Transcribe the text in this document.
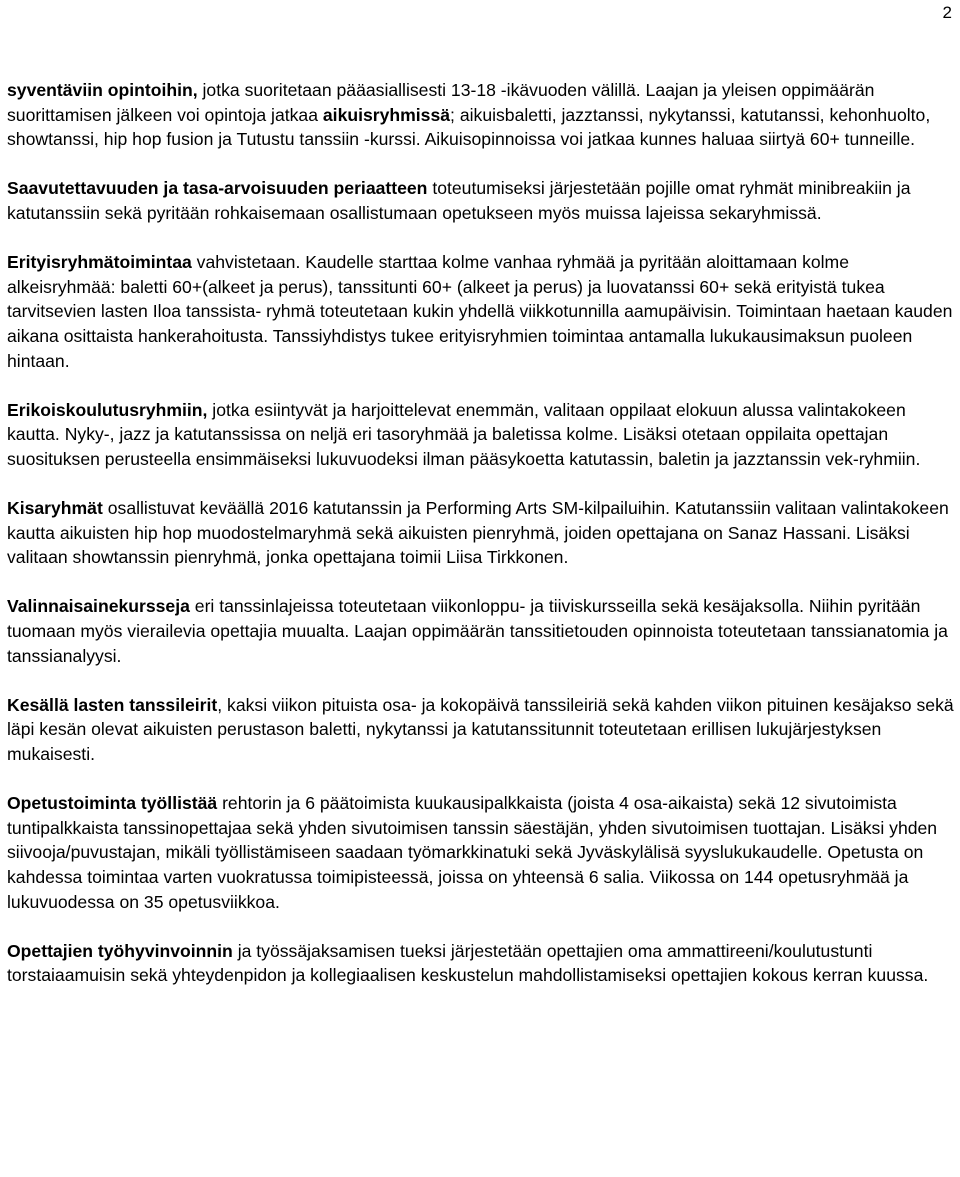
2

syventäviin opintoihin, jotka suoritetaan pääasiallisesti 13-18 -ikävuoden välillä. Laajan ja yleisen oppimäärän suorittamisen jälkeen voi opintoja jatkaa aikuisryhmissä; aikuisbaletti, jazztanssi, nykytanssi, katutanssi, kehonhuolto, showtanssi, hip hop fusion ja Tutustu tanssiin -kurssi. Aikuisopinnoissa voi jatkaa kunnes haluaa siirtyä 60+ tunneille.

Saavutettavuuden ja tasa-arvoisuuden periaatteen toteutumiseksi järjestetään pojille omat ryhmät minibreakiin ja katutanssiin sekä pyritään rohkaisemaan osallistumaan opetukseen myös muissa lajeissa sekaryhmissä.

Erityisryhmätoimintaa vahvistetaan. Kaudelle starttaa kolme vanhaa ryhmää ja pyritään aloittamaan kolme alkeisryhmää: baletti 60+(alkeet ja perus), tanssitunti 60+ (alkeet ja perus) ja luovatanssi 60+ sekä erityistä tukea tarvitsevien lasten Iloa tanssista- ryhmä toteutetaan kukin yhdellä viikkotunnilla aamupäivisin. Toimintaan haetaan kauden aikana osittaista hankerahoitusta. Tanssiyhdistys tukee erityisryhmien toimintaa antamalla lukukausimaksun puoleen hintaan.

Erikoiskoulutusryhmiin, jotka esiintyvät ja harjoittelevat enemmän, valitaan oppilaat elokuun alussa valintakokeen kautta. Nyky-, jazz ja katutanssissa on neljä eri tasoryhmää ja baletissa kolme. Lisäksi otetaan oppilaita opettajan suosituksen perusteella ensimmäiseksi lukuvuodeksi ilman pääsykoetta katutassin, baletin ja jazztanssin vek-ryhmiin.

Kisaryhmät osallistuvat keväällä 2016 katutanssin ja Performing Arts SM-kilpailuihin. Katutanssiin valitaan valintakokeen kautta aikuisten hip hop muodostelmaryhmä sekä aikuisten pienryhmä, joiden opettajana on Sanaz Hassani. Lisäksi valitaan showtanssin pienryhmä, jonka opettajana toimii Liisa Tirkkonen.

Valinnaisainekursseja eri tanssinlajeissa toteutetaan viikonloppu- ja tiiviskursseilla sekä kesäjaksolla. Niihin pyritään tuomaan myös vierailevia opettajia muualta. Laajan oppimäärän tanssitietouden opinnoista toteutetaan tanssianatomia ja tanssianalyysi.

Kesällä lasten tanssileirit, kaksi viikon pituista osa- ja kokopäivä tanssileiriä sekä kahden viikon pituinen kesäjakso sekä läpi kesän olevat aikuisten perustason baletti, nykytanssi ja katutanssitunnit toteutetaan erillisen lukujärjestyksen mukaisesti.

Opetustoiminta työllistää rehtorin ja 6 päätoimista kuukausipalkkaista (joista 4 osa-aikaista) sekä 12 sivutoimista tuntipalkkaista tanssinopettajaa sekä yhden sivutoimisen tanssin säestäjän, yhden sivutoimisen tuottajan. Lisäksi yhden siivooja/puvustajan, mikäli työllistämiseen saadaan työmarkkinatuki sekä Jyväskylälisä syyslukukaudelle. Opetusta on kahdessa toimintaa varten vuokratussa toimipisteessä, joissa on yhteensä 6 salia. Viikossa on 144 opetusryhmää ja lukuvuodessa on 35 opetusviikkoa.

Opettajien työhyvinvoinnin ja työssäjaksamisen tueksi järjestetään opettajien oma ammattireeni/koulutustunti torstaiaamuisin sekä yhteydenpidon ja kollegiaalisen keskustelun mahdollistamiseksi opettajien kokous kerran kuussa.
